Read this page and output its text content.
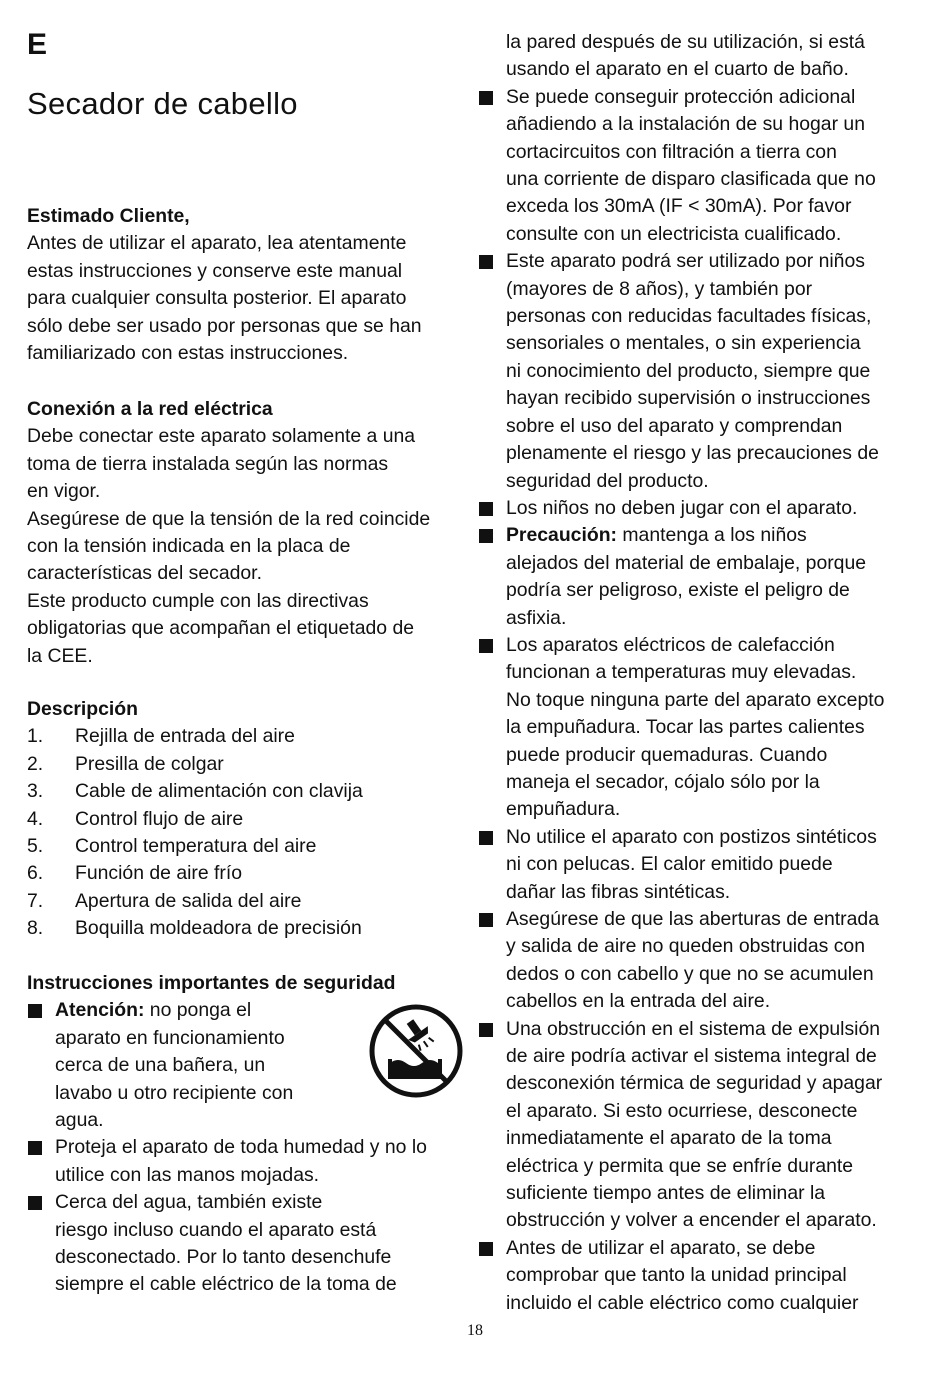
E
Secador de cabello
Estimado Cliente,
Antes de utilizar el aparato, lea atentamente
estas instrucciones y conserve este manual
para cualquier consulta posterior. El aparato
sólo debe ser usado por personas que se han
familiarizado con estas instrucciones.
Conexión a la red eléctrica
Debe conectar este aparato solamente a una
toma de tierra instalada según las normas
en vigor.
Asegúrese de que la tensión de la red coincide
con la tensión indicada en la placa de
características del secador.
Este producto cumple con las directivas
obligatorias que acompañan el etiquetado de
la CEE.
Descripción
1.	Rejilla de entrada del aire
2.	Presilla de colgar
3.	Cable de alimentación con clavija
4.	Control flujo de aire
5.	Control temperatura del aire
6.	Función de aire frío
7.	Apertura de salida del aire
8.	Boquilla moldeadora de precisión
Instrucciones importantes de seguridad
Atención: no ponga el
aparato en funcionamiento
cerca de una bañera, un
lavabo u otro recipiente con
agua.
Proteja el aparato de toda humedad y no lo
utilice con las manos mojadas.
Cerca del agua, también existe
riesgo incluso cuando el aparato está
desconectado. Por lo tanto desenchufe
siempre el cable eléctrico de la toma de
la pared después de su utilización, si está
usando el aparato en el cuarto de baño.
Se puede conseguir protección adicional
añadiendo a la instalación de su hogar un
cortacircuitos con filtración a tierra con
una corriente de disparo clasificada que no
exceda los 30mA (IF < 30mA). Por favor
consulte con un electricista cualificado.
Este aparato podrá ser utilizado por niños
(mayores de 8 años), y también por
personas con reducidas facultades físicas,
sensoriales o mentales, o sin experiencia
ni conocimiento del producto, siempre que
hayan recibido supervisión o instrucciones
sobre el uso del aparato y comprendan
plenamente el riesgo y las precauciones de
seguridad del producto.
Los niños no deben jugar con el aparato.
Precaución: mantenga a los niños
alejados del material de embalaje, porque
podría ser peligroso, existe el peligro de
asfixia.
Los aparatos eléctricos de calefacción
funcionan a temperaturas muy elevadas.
No toque ninguna parte del aparato excepto
la empuñadura. Tocar las partes calientes
puede producir quemaduras. Cuando
maneja el secador, cójalo sólo por la
empuñadura.
No utilice el aparato con postizos sintéticos
ni con pelucas. El calor emitido puede
dañar las fibras sintéticas.
Asegúrese de que las aberturas de entrada
y salida de aire no queden obstruidas con
dedos o con cabello y que no se acumulen
cabellos en la entrada del aire.
Una obstrucción en el sistema de expulsión
de aire podría activar el sistema integral de
desconexión térmica de seguridad y apagar
el aparato. Si esto ocurriese, desconecte
inmediatamente el aparato de la toma
eléctrica y permita que se enfríe durante
suficiente tiempo antes de eliminar la
obstrucción y volver a encender el aparato.
Antes de utilizar el aparato, se debe
comprobar que tanto la unidad principal
incluido el cable eléctrico como cualquier
18
